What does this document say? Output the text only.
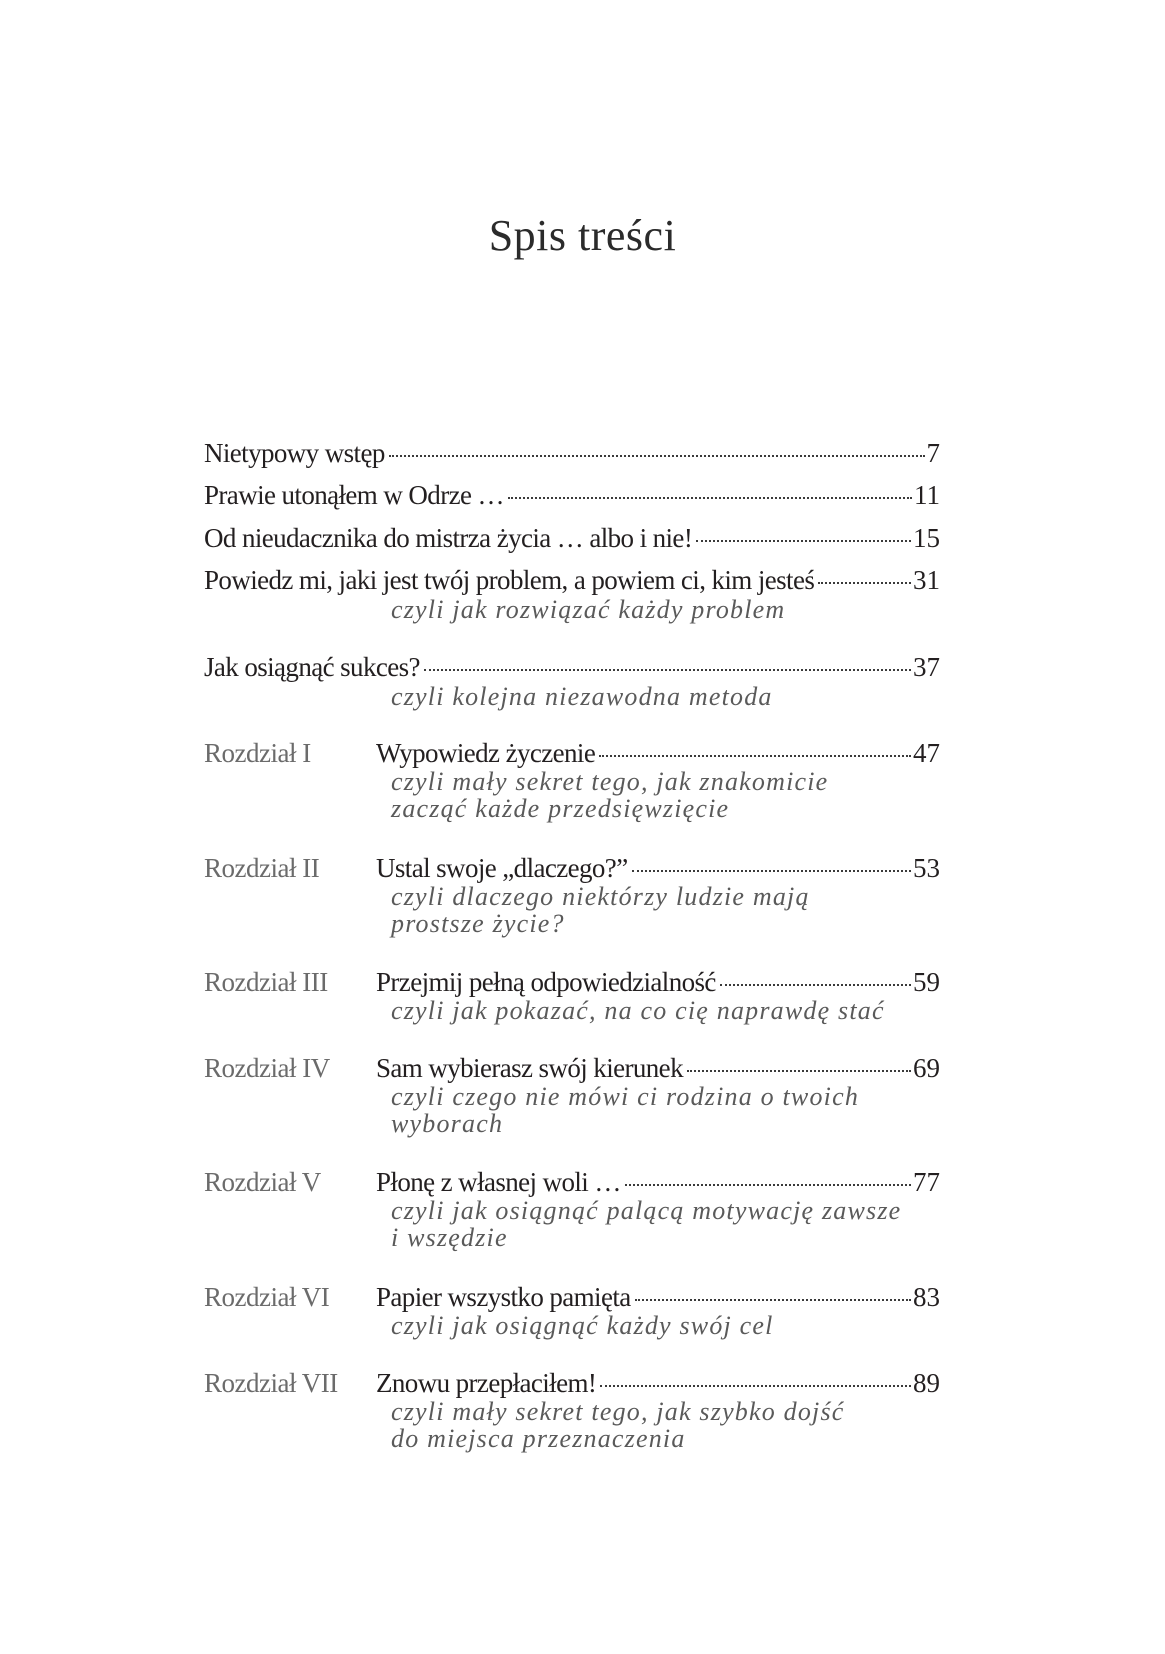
Spis treści
Nietypowy wstęp	7
Prawie utonąłem w Odrze …	11
Od nieudacznika do mistrza życia … albo i nie!	15
Powiedz mi, jaki jest twój problem, a powiem ci, kim jesteś	31
czyli jak rozwiązać każdy problem
Jak osiągnąć sukces?	37
czyli kolejna niezawodna metoda
Rozdział I Wypowiedz życzenie	47
czyli mały sekret tego, jak znakomicie
zacząć każde przedsięwzięcie
Rozdział II Ustal swoje „dlaczego?”	53
czyli dlaczego niektórzy ludzie mają
prostsze życie?
Rozdział III Przejmij pełną odpowiedzialność	59
czyli jak pokazać, na co cię naprawdę stać
Rozdział IV Sam wybierasz swój kierunek	69
czyli czego nie mówi ci rodzina o twoich
wyborach
Rozdział V Płonę z własnej woli …	77
czyli jak osiągnąć palącą motywację zawsze
i wszędzie
Rozdział VI Papier wszystko pamięta	83
czyli jak osiągnąć każdy swój cel
Rozdział VII Znowu przepłaciłem!	89
czyli mały sekret tego, jak szybko dojść
do miejsca przeznaczenia
